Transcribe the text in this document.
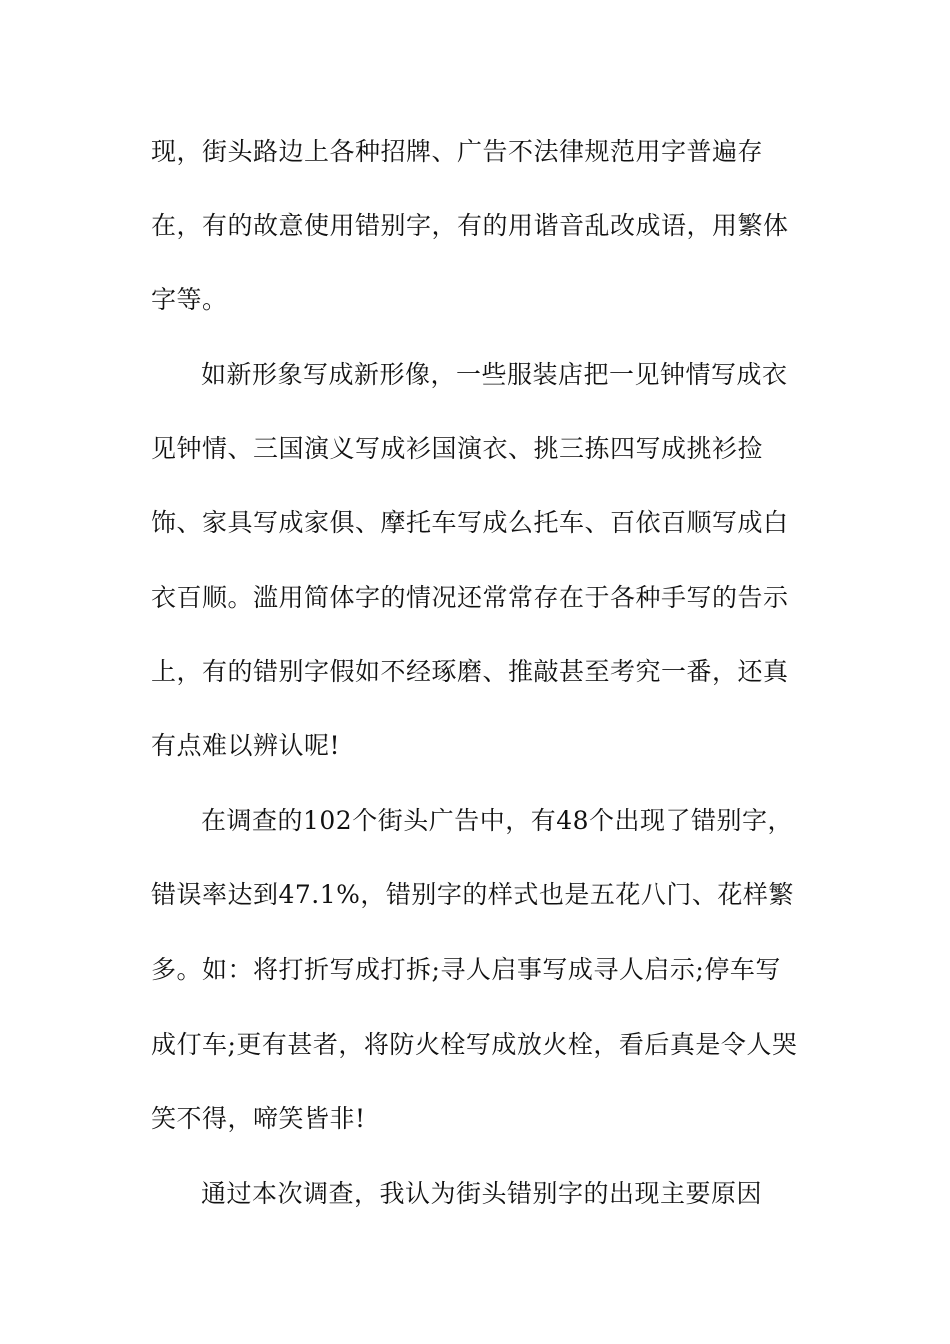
现，街头路边上各种招牌、广告不法律规范用字普遍存
在，有的故意使用错别字，有的用谐音乱改成语，用繁体
字等。
如新形象写成新形像，一些服装店把一见钟情写成衣
见钟情、三国演义写成衫国演衣、挑三拣四写成挑衫捡
饰、家具写成家俱、摩托车写成么托车、百依百顺写成白
衣百顺。滥用简体字的情况还常常存在于各种手写的告示
上，有的错别字假如不经琢磨、推敲甚至考究一番，还真
有点难以辨认呢!
在调查的102个街头广告中，有48个出现了错别字，
错误率达到47.1%，错别字的样式也是五花八门、花样繁
多。如：将打折写成打拆;寻人启事写成寻人启示;停车写
成仃车;更有甚者，将防火栓写成放火栓，看后真是令人哭
笑不得，啼笑皆非!
通过本次调查，我认为街头错别字的出现主要原因
